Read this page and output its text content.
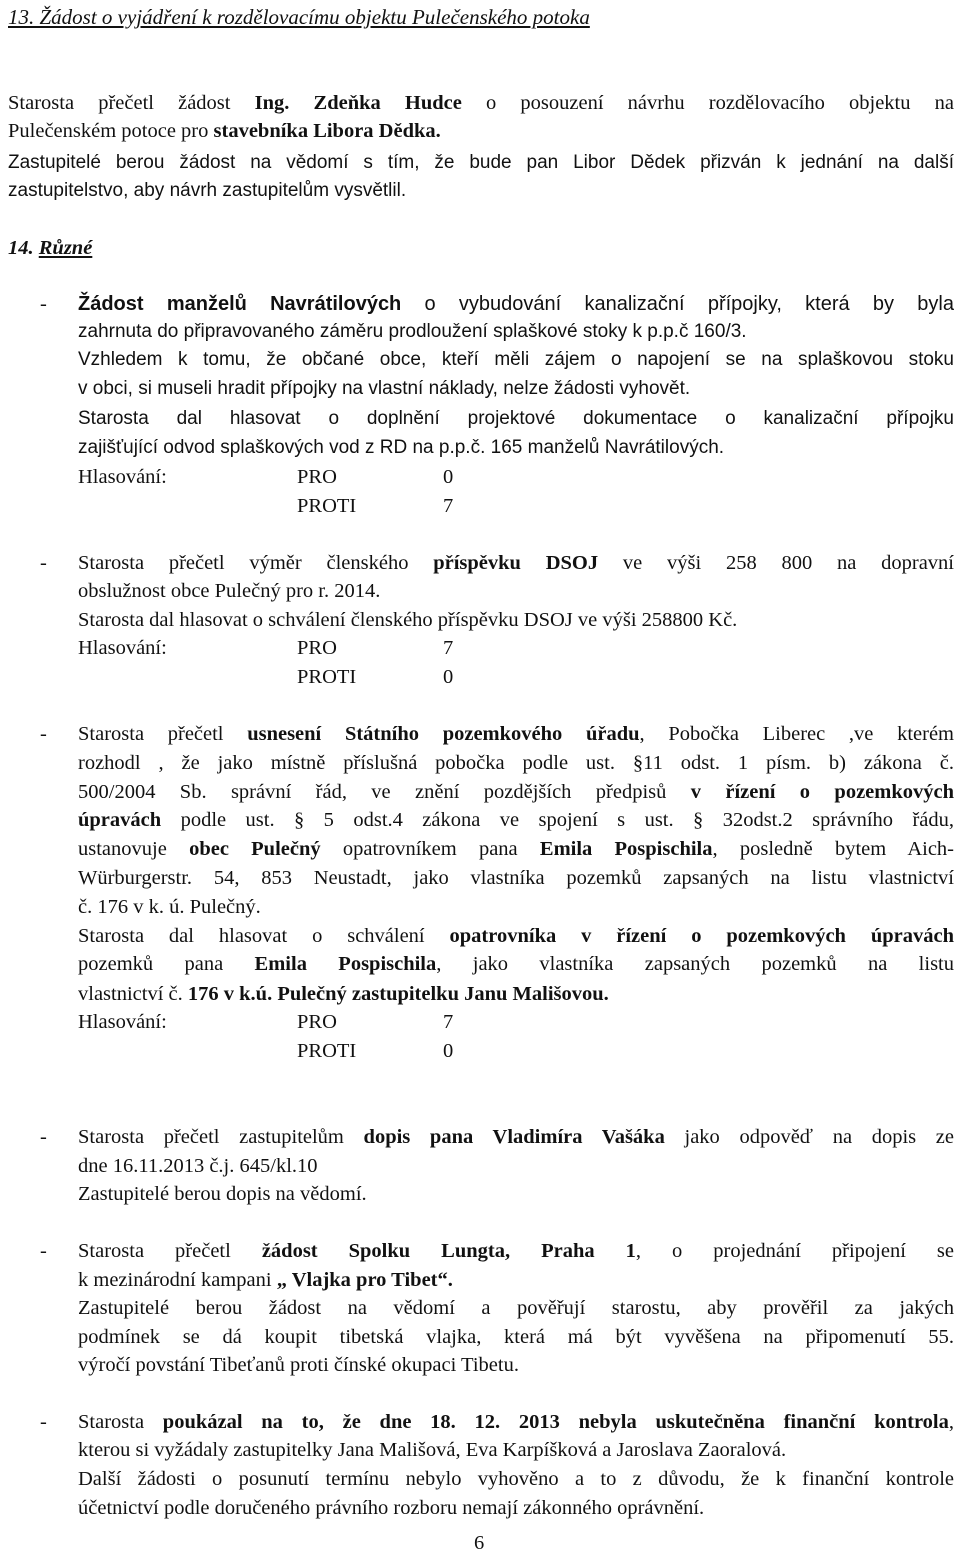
13. Žádost o vyjádření k rozdělovacímu objektu Pulečenského potoka
Starosta přečetl žádost Ing. Zdeňka Hudce o posouzení návrhu rozdělovacího objektu na
Pulečenském potoce pro stavebníka Libora Dědka.
Zastupitelé berou žádost na vědomí s tím, že bude pan Libor Dědek přizván k jednání na další
zastupitelstvo, aby návrh zastupitelům vysvětlil.
14. Různé
- Žádost manželů Navrátilových o vybudování kanalizační přípojky, která by byla
zahrnuta do připravovaného záměru prodloužení splaškové stoky k p.p.č 160/3.
Vzhledem k tomu, že občané obce, kteří měli zájem o napojení se na splaškovou stoku
v obci, si museli hradit přípojky na vlastní náklady, nelze žádosti vyhovět.
Starosta dal hlasovat o doplnění projektové dokumentace o kanalizační přípojku
zajišťující odvod splaškových vod z RD na p.p.č. 165 manželů Navrátilových.
Hlasování:	PRO	0
PROTI	7
- Starosta přečetl výměr členského příspěvku DSOJ ve výši 258 800 na dopravní
obslužnost obce Pulečný pro r. 2014.
Starosta dal hlasovat o schválení členského příspěvku DSOJ ve výši 258800 Kč.
Hlasování:	PRO	7
PROTI	0
- Starosta přečetl usnesení Státního pozemkového úřadu, Pobočka Liberec ,ve kterém
rozhodl , že jako místně příslušná pobočka podle ust. §11 odst. 1 písm. b) zákona č.
500/2004 Sb. správní řád, ve znění pozdějších předpisů v řízení o pozemkových
úpravách podle ust. § 5 odst.4 zákona ve spojení s ust. § 32odst.2 správního řádu,
ustanovuje obec Pulečný opatrovníkem pana Emila Pospischila, posledně bytem Aich-
Würburgerstr. 54, 853 Neustadt, jako vlastníka pozemků zapsaných na listu vlastnictví
č. 176 v k. ú. Pulečný.
Starosta dal hlasovat o schválení opatrovníka v řízení o pozemkových úpravách
pozemků pana Emila Pospischila, jako vlastníka zapsaných pozemků na listu
vlastnictví č. 176 v k.ú. Pulečný zastupitelku Janu Mališovou.
Hlasování:	PRO	7
PROTI	0
- Starosta přečetl zastupitelům dopis pana Vladimíra Vašáka jako odpověď na dopis ze
dne 16.11.2013 č.j. 645/kl.10
Zastupitelé berou dopis na vědomí.
- Starosta přečetl žádost Spolku Lungta, Praha 1, o projednání připojení se
k mezinárodní kampani „ Vlajka pro Tibet“.
Zastupitelé berou žádost na vědomí a pověřují starostu, aby prověřil za jakých
podmínek se dá koupit tibetská vlajka, která má být vyvěšena na připomenutí 55.
výročí povstání Tibeťanů proti čínské okupaci Tibetu.
- Starosta poukázal na to, že dne 18. 12. 2013 nebyla uskutečněna finanční kontrola,
kterou si vyžádaly zastupitelky Jana Mališová, Eva Karpíšková a Jaroslava Zaoralová.
Další žádosti o posunutí termínu nebylo vyhověno a to z důvodu, že k finanční kontrole
účetnictví podle doručeného právního rozboru nemají zákonného oprávnění.
6
